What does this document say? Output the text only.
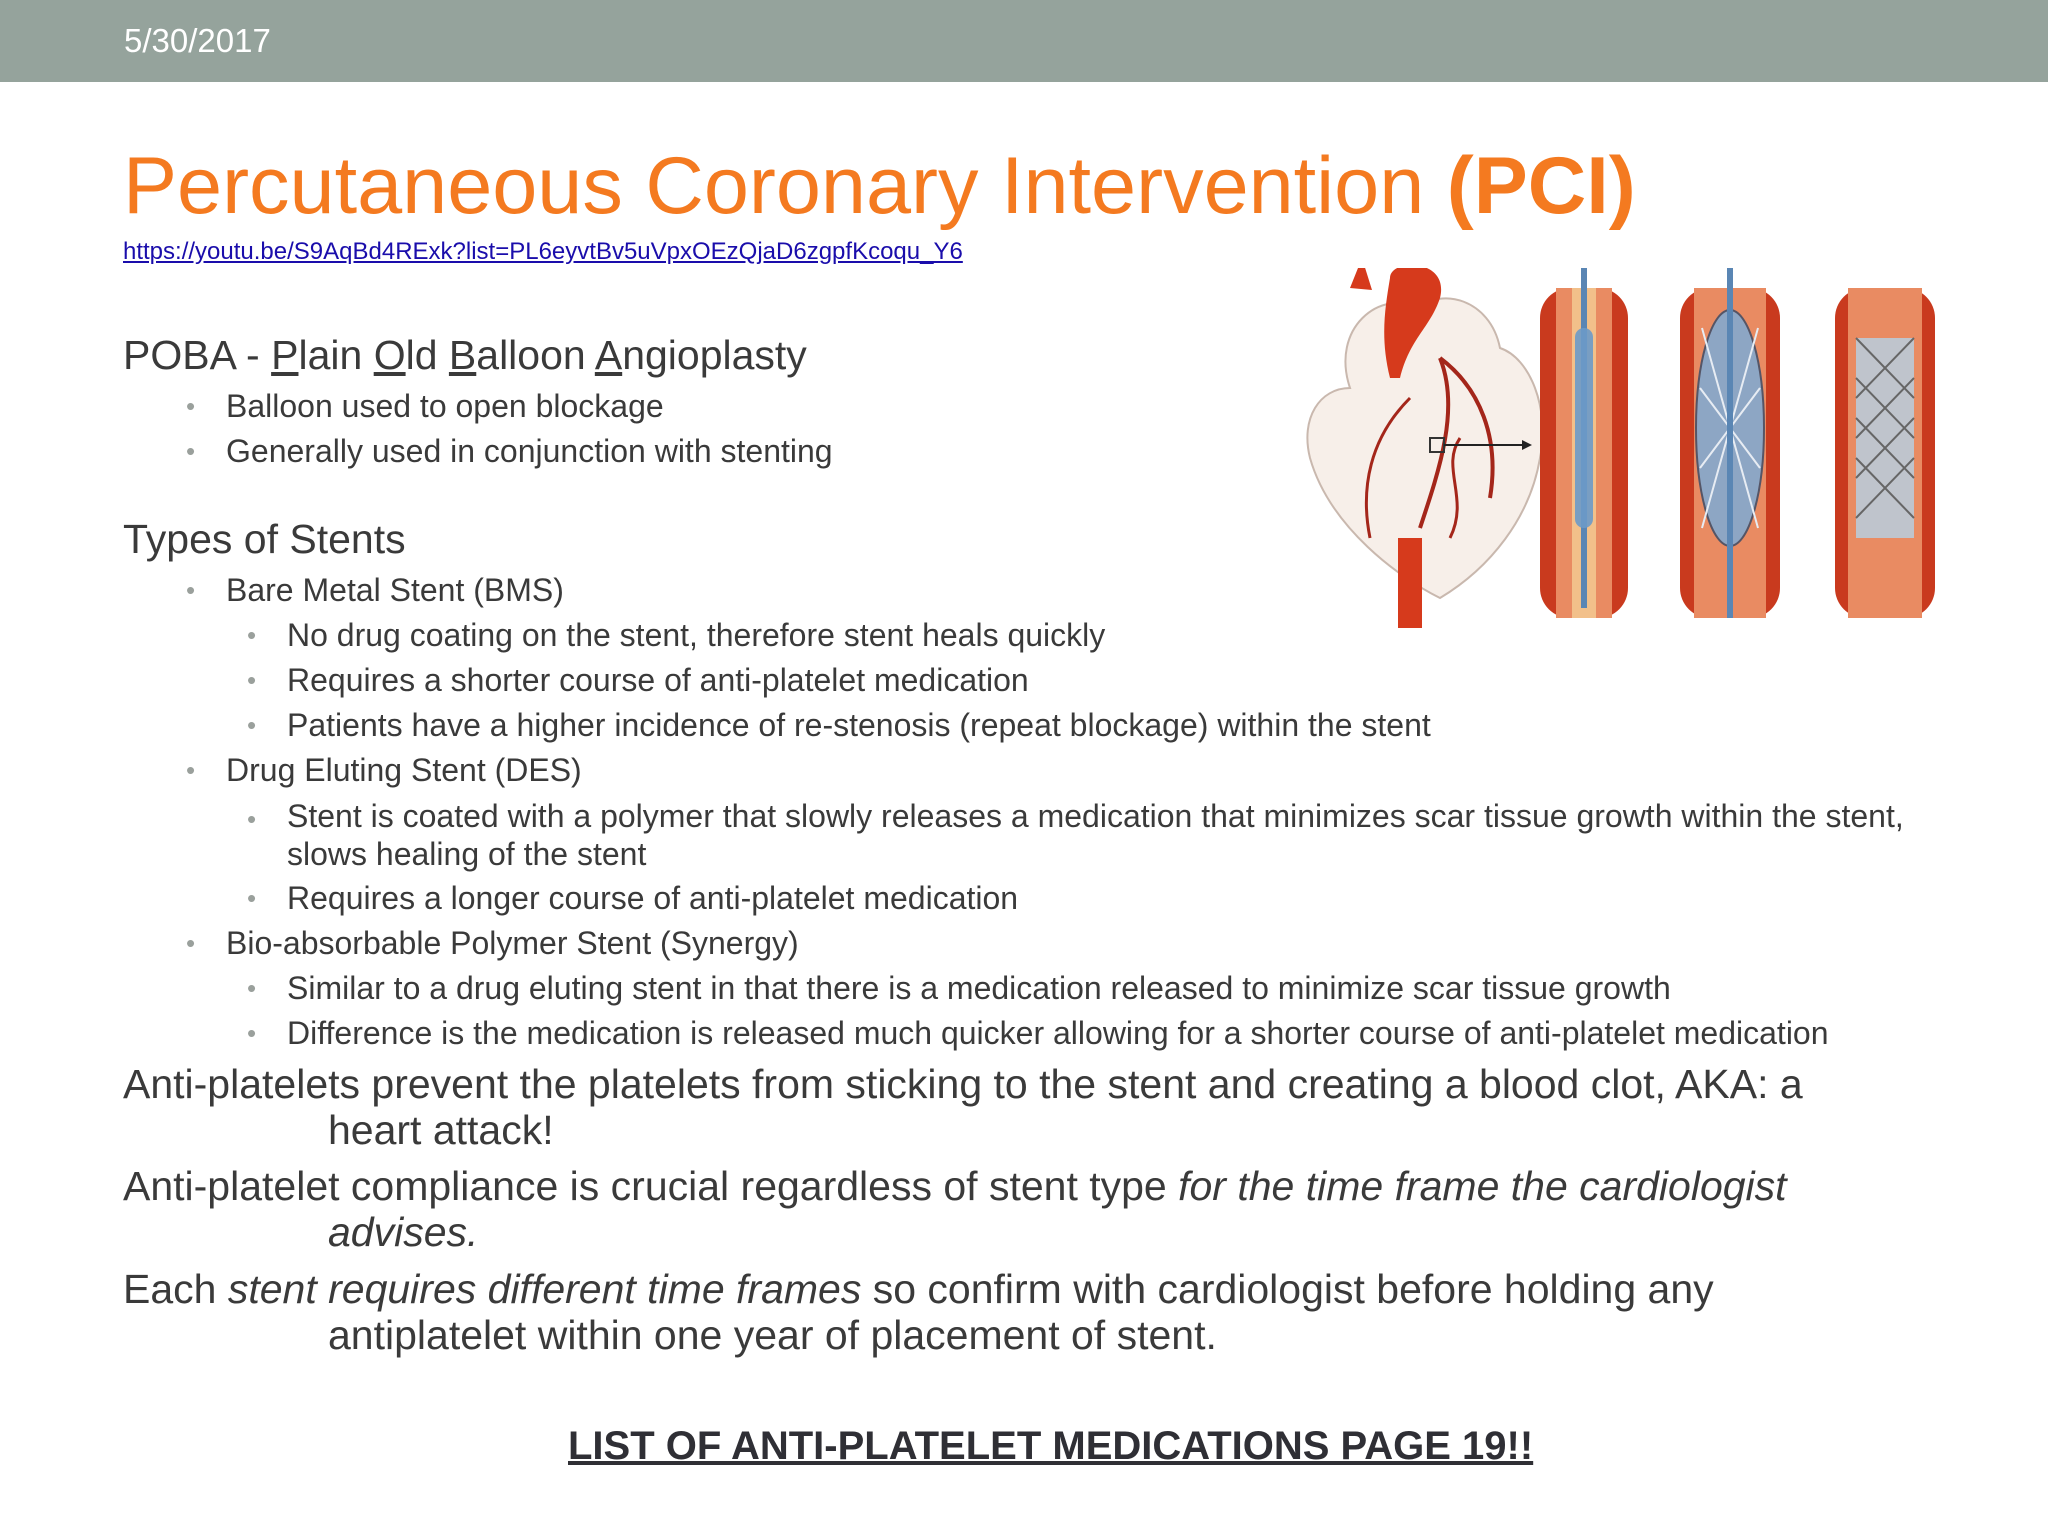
5/30/2017
Percutaneous Coronary Intervention (PCI)
https://youtu.be/S9AqBd4RExk?list=PL6eyvtBv5uVpxOEzQjaD6zgpfKcoqu_Y6
POBA - Plain Old Balloon Angioplasty
• Balloon used to open blockage
• Generally used in conjunction with stenting
Types of Stents
• Bare Metal Stent (BMS)
• No drug coating on the stent, therefore stent heals quickly
• Requires a shorter course of anti-platelet medication
• Patients have a higher incidence of re-stenosis (repeat blockage) within the stent
• Drug Eluting Stent (DES)
• Stent is coated with a polymer that slowly releases a medication that minimizes scar tissue growth within the stent, slows healing of the stent
• Requires a longer course of anti-platelet medication
• Bio-absorbable Polymer Stent (Synergy)
• Similar to a drug eluting stent in that there is a medication released to minimize scar tissue growth
• Difference is the medication is released much quicker allowing for a shorter course of anti-platelet medication
Anti-platelets prevent the platelets from sticking to the stent and creating a blood clot, AKA: a
heart attack!
Anti-platelet compliance is crucial regardless of stent type for the time frame the cardiologist
advises.
Each stent requires different time frames so confirm with cardiologist before holding any
antiplatelet within one year of placement of stent.
LIST OF ANTI-PLATELET MEDICATIONS PAGE 19!!
